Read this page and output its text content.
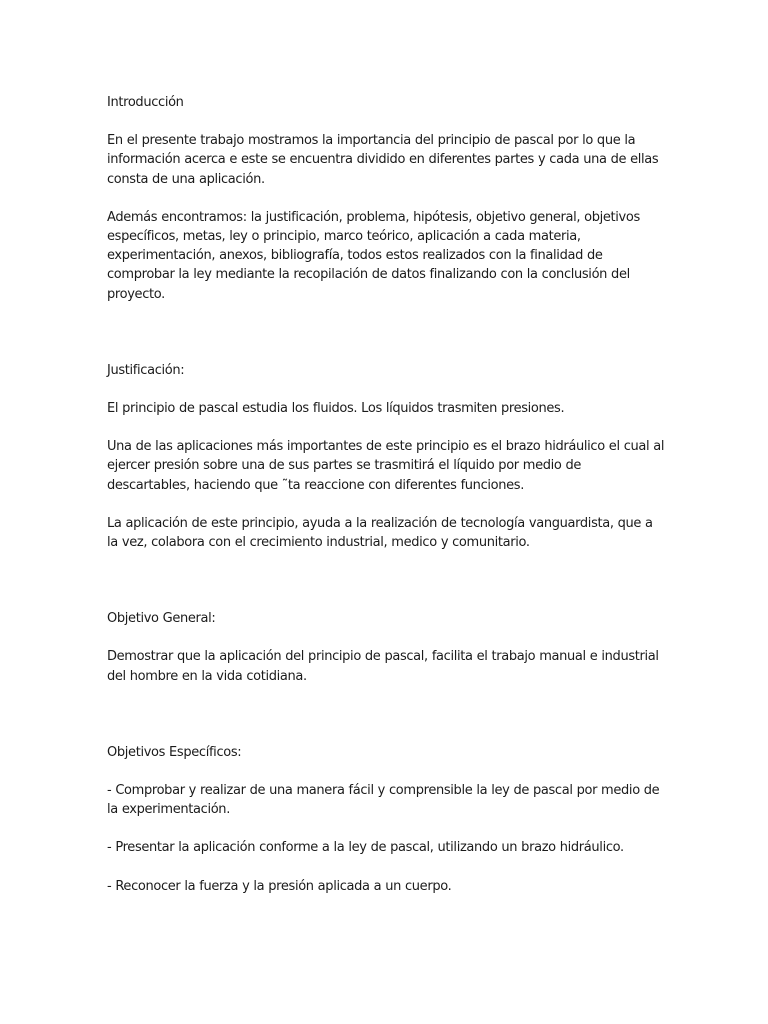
Introducción

En el presente trabajo mostramos la importancia del principio de pascal por lo que la información acerca e este se encuentra dividido en diferentes partes y cada una de ellas consta de una aplicación.

Además encontramos: la justificación, problema, hipótesis, objetivo general, objetivos específicos, metas, ley o principio, marco teórico, aplicación a cada materia, experimentación, anexos, bibliografía, todos estos realizados con la finalidad de comprobar la ley mediante la recopilación de datos finalizando con la conclusión del proyecto.

Justificación:

El principio de pascal estudia los fluidos. Los líquidos trasmiten presiones.

Una de las aplicaciones más importantes de este principio es el brazo hidráulico el cual al ejercer presión sobre una de sus partes se trasmitirá el líquido por medio de descartables, haciendo que ˜ta reaccione con diferentes funciones.

La aplicación de este principio, ayuda a la realización de tecnología vanguardista, que a la vez, colabora con el crecimiento industrial, medico y comunitario.

Objetivo General:

Demostrar que la aplicación del principio de pascal, facilita el trabajo manual e industrial del hombre en la vida cotidiana.

Objetivos Específicos:

- Comprobar y realizar de una manera fácil y comprensible la ley de pascal por medio de la experimentación.

- Presentar la aplicación conforme a la ley de pascal, utilizando un brazo hidráulico.

- Reconocer la fuerza y la presión aplicada a un cuerpo.
